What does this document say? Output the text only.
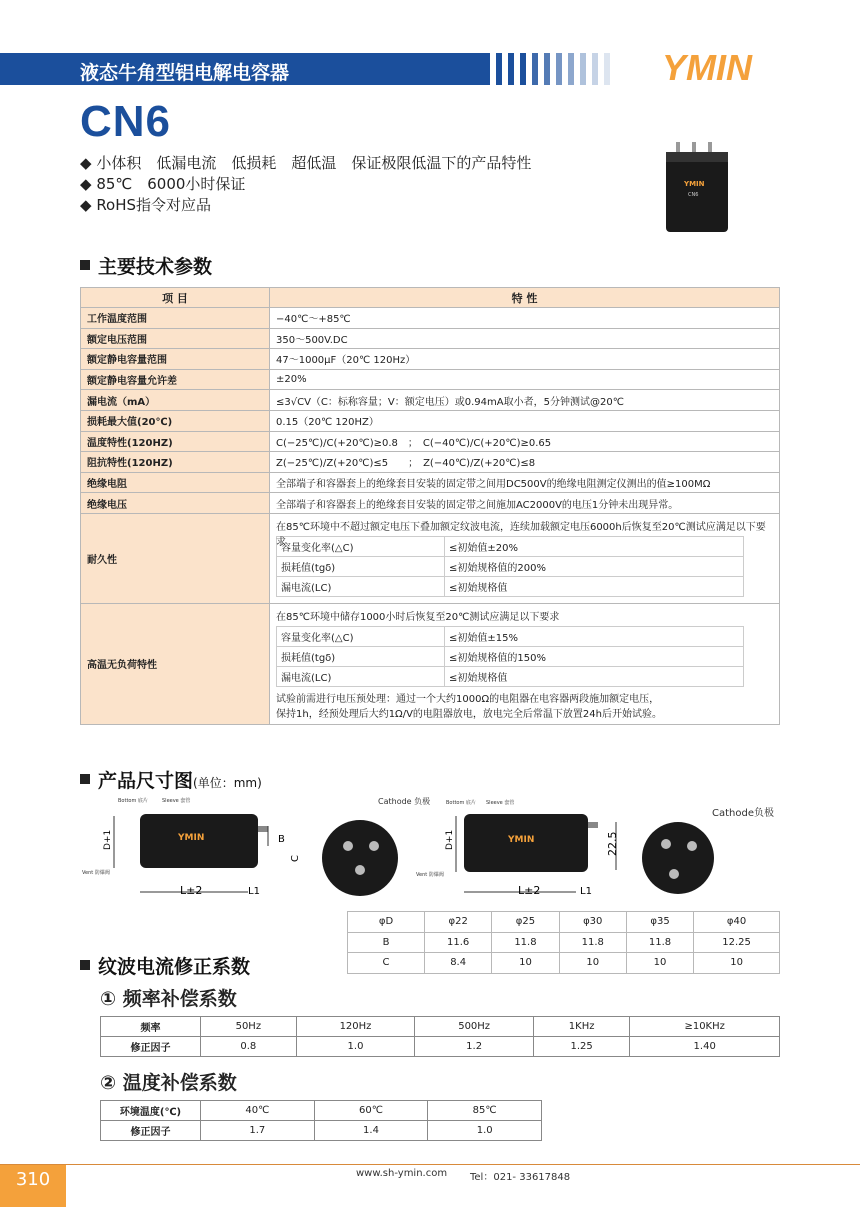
液态牛角型铝电解电容器	YMIN
CN6
◆ 小体积　低漏电流　低损耗　超低温　保证极限低温下的产品特性
◆ 85℃　6000小时保证
◆ RoHS指令对应品
YMIN
CN6
主要技术参数
项 目	特 性
工作温度范围	−40℃～+85℃
额定电压范围	350～500V.DC
额定静电容量范围	47～1000μF（20℃ 120Hz）
额定静电容量允许差	±20%
漏电流（mA）	≤3√CV（C：标称容量；V：额定电压）或0.94mA取小者，5分钟测试@20℃
损耗最大值(20℃)	0.15（20℃ 120HZ）
温度特性(120HZ)	C(−25℃)/C(+20℃)≥0.8　；　C(−40℃)/C(+20℃)≥0.65
阻抗特性(120HZ)	Z(−25℃)/Z(+20℃)≤5　　；　Z(−40℃)/Z(+20℃)≤8
绝缘电阻	全部端子和容器套上的绝缘套目安装的固定带之间用DC500V的绝缘电阻测定仪测出的值≥100MΩ
绝缘电压	全部端子和容器套上的绝缘套目安装的固定带之间施加AC2000V的电压1分钟未出现异常。
耐久性	
在85℃环境中不超过额定电压下叠加额定纹波电流，连续加载额定电压6000h后恢复至20℃测试应满足以下要求
容量变化率(△C)	≤初始值±20%
损耗值(tgδ)	≤初始规格值的200%
漏电流(LC)	≤初始规格值

高温无负荷特性	
在85℃环境中储存1000小时后恢复至20℃测试应满足以下要求
容量变化率(△C)	≤初始值±15%
损耗值(tgδ)	≤初始规格值的150%
漏电流(LC)	≤初始规格值
试验前需进行电压预处理：通过一个大约1000Ω的电阻器在电容器两段施加额定电压，
保持1h，经预处理后大约1Ω/V的电阻器放电，放电完全后常温下放置24h后开始试验。
产品尺寸图(单位：mm)
Bottom 底片	Sleeve 套管
YMIN	B
D+1
Vent 防爆阀
L±2	L1
Cathode 负极
C
Bottom 底片 Sleeve 套管
YMIN
D+1
Vent 防爆阀
L±2	L1
Cathode负极
22.5
φD	φ22	φ25	φ30	φ35	φ40
B	11.6	11.8	11.8	11.8	12.25
C	8.4	10	10	10	10
纹波电流修正系数
① 频率补偿系数
频率	50Hz	120Hz	500Hz	1KHz	≥10KHz
修正因子	0.8	1.0	1.2	1.25	1.40
② 温度补偿系数
环境温度(℃)	40℃	60℃	85℃
修正因子	1.7	1.4	1.0
310	www.sh-ymin.com Tel：021- 33617848
